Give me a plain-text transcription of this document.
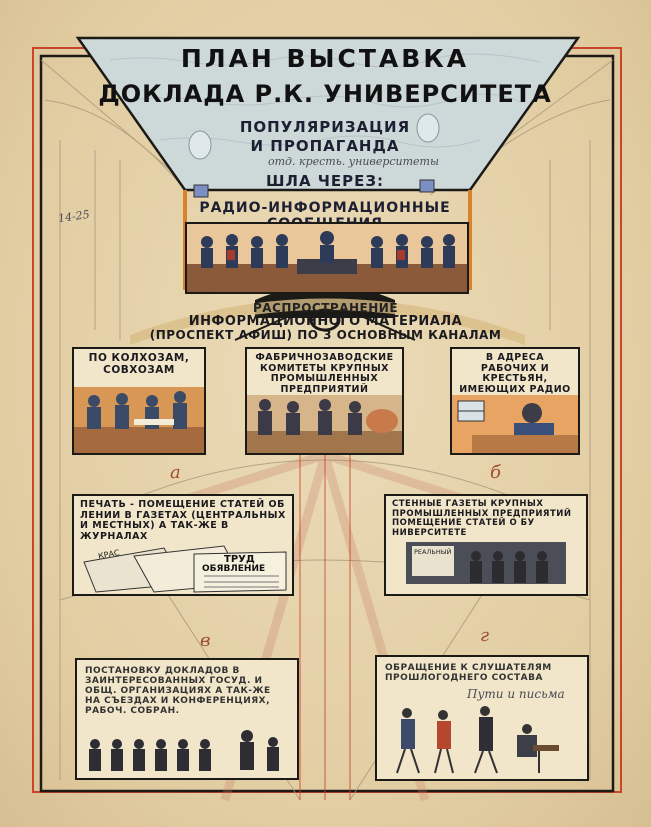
ПЛАН ВЫСТАВКА
ДОКЛАДА Р.К. УНИВЕРСИТЕТА
ПОПУЛЯРИЗАЦИЯ
И ПРОПАГАНДА
отд. кресть. университеты
ШЛА ЧЕРЕЗ:
РАДИО-ИНФОРМАЦИОННЫЕ
14-25
РАСПРОСТРАНЕНИЕ
ИНФОРМАЦИОННОГО МАТЕРИАЛА
(ПРОСПЕКТ АФИШ) ПО 3 ОСНОВНЫМ КАНАЛАМ
ПО КОЛХОЗАМ, СОВХОЗАМ
ФАБРИЧНОЗАВОДСКИЕ КОМИТЕТЫ КРУПНЫХ ПРОМЫШЛЕННЫХ ПРЕДПРИЯТИЙ
В АДРЕСА РАБОЧИХ И КРЕСТЬЯН, ИМЕЮЩИХ РАДИО
а	б
ПЕЧАТЬ - ПОМЕЩЕНИЕ СТАТЕЙ ОБ ЛЕНИИ В ГАЗЕТАХ (ЦЕНТРАЛЬНЫХ И МЕСТНЫХ) А ТАК-ЖЕ В ЖУРНАЛАХ
КРАС	ТРУД
ОБЯВЛЕНИЕ
СТЕННЫЕ ГАЗЕТЫ КРУПНЫХ ПРОМЫШЛЕННЫХ ПРЕДПРИЯТИЙ ПОМЕЩЕНИЕ СТАТЕЙ О БУ НИВЕРСИТЕТЕ
РЕАЛЬНЫЙ
в	г
ПОСТАНОВКУ ДОКЛАДОВ В ЗАИНТЕРЕСОВАННЫХ ГОСУД. И ОБЩ. ОРГАНИЗАЦИЯХ А ТАК-ЖЕ НА СЪЕЗДАХ И КОНФЕРЕНЦИЯХ, РАБОЧ. СОБРАН.
ОБРАЩЕНИЕ К СЛУШАТЕЛЯМ ПРОШЛОГОДНЕГО СОСТАВА
Пути и письма
